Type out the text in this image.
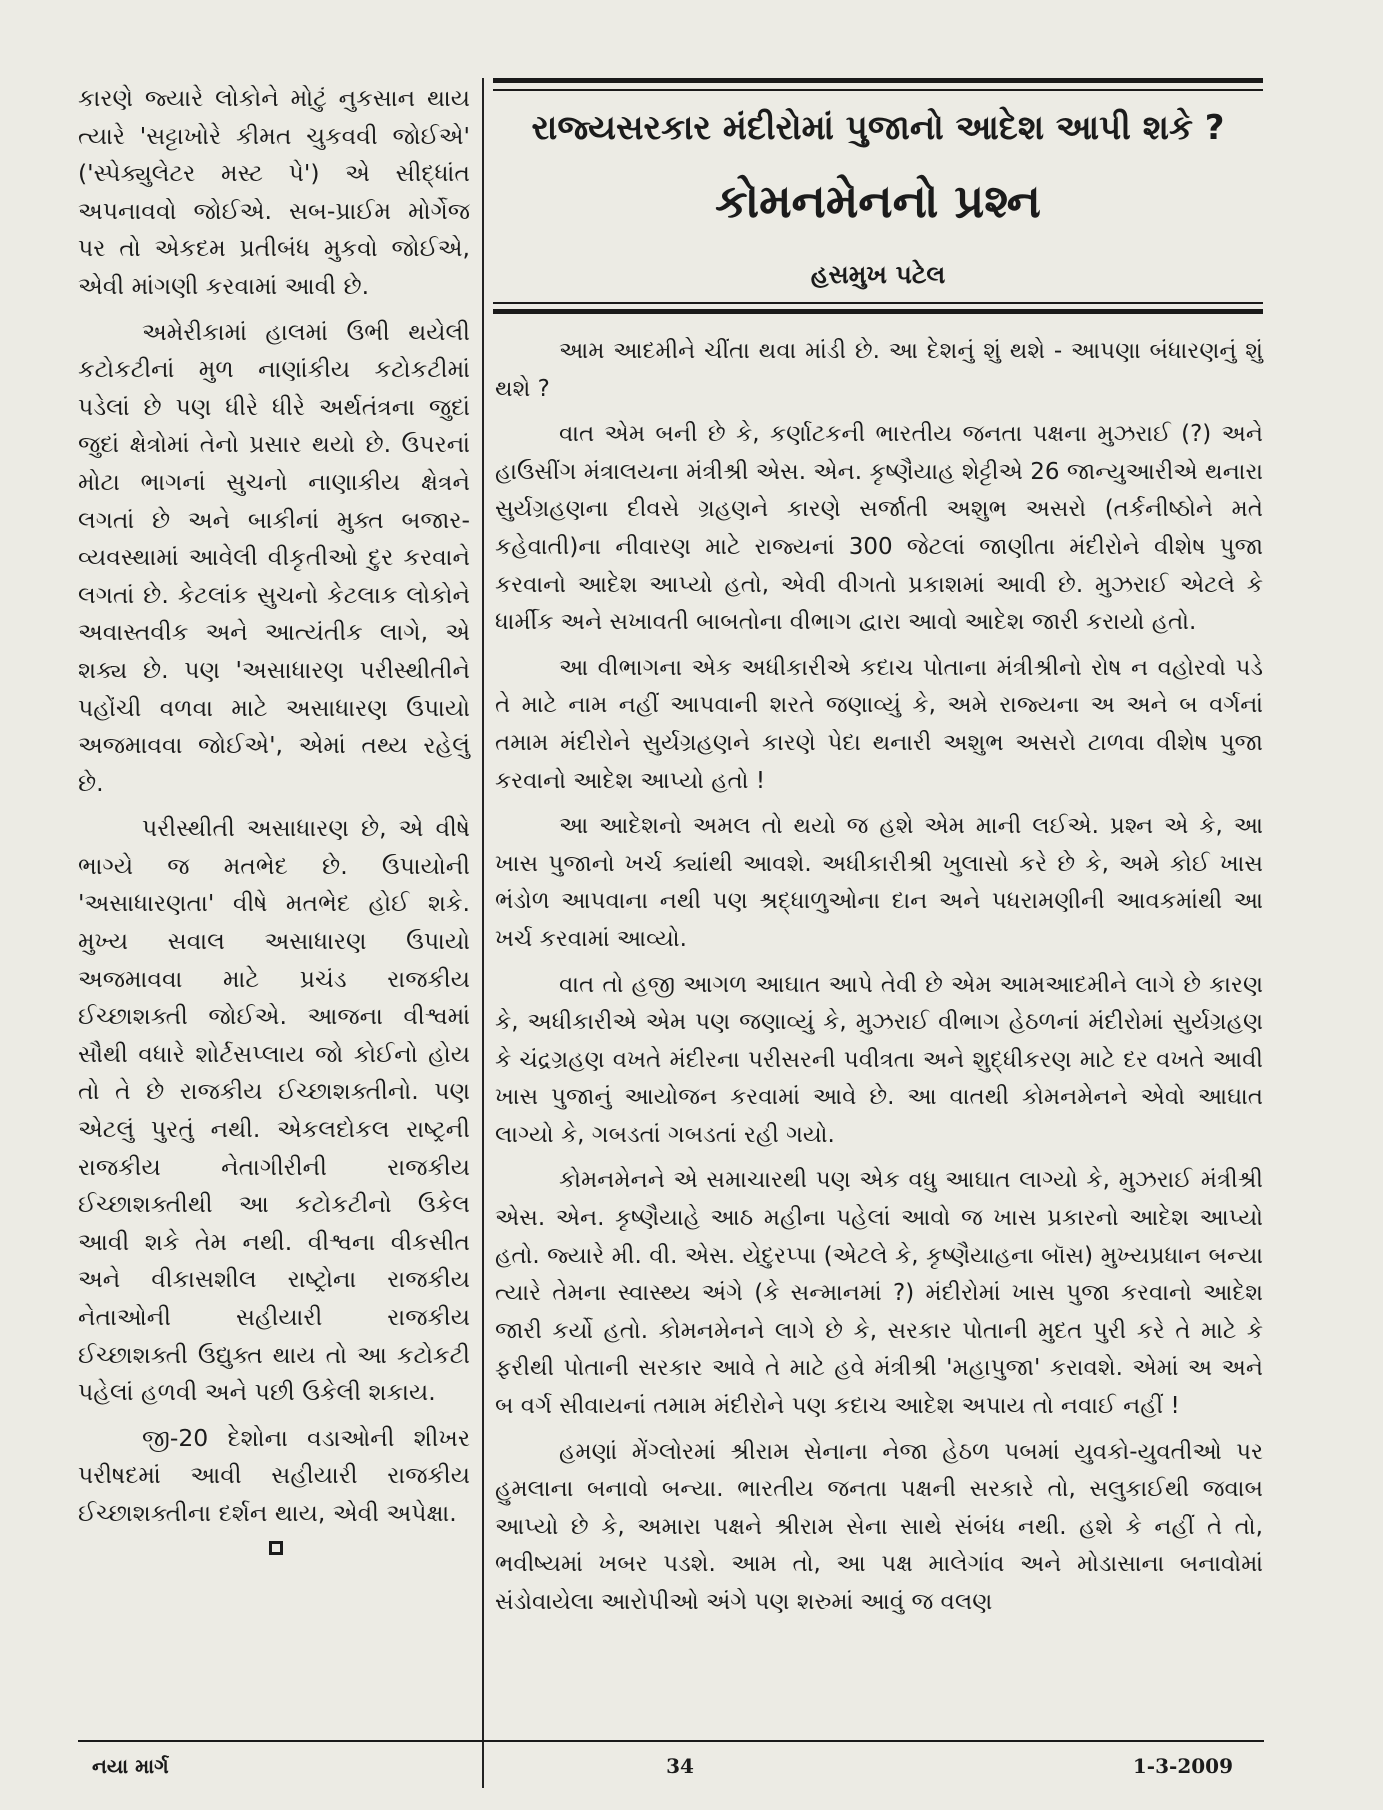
કારણે જ્યારે લોકોને મોટું નુકસાન થાય ત્યારે 'સટ્ટાખોરે કીમત ચુકવવી જોઈએ' ('સ્પેક્યુલેટર મસ્ટ પે') એ સીદ્ધાંત અપનાવવો જોઈએ. સબ-પ્રાઈમ મોર્ગેજ પર તો એકદમ પ્રતીબંધ મુકવો જોઈએ, એવી માંગણી કરવામાં આવી છે.

અમેરીકામાં હાલમાં ઉભી થયેલી કટોકટીનાં મુળ નાણાંકીય કટોકટીમાં પડેલાં છે પણ ધીરે ધીરે અર્થતંત્રના જુદાં જુદાં ક્ષેત્રોમાં તેનો પ્રસાર થયો છે. ઉપરનાં મોટા ભાગનાં સુચનો નાણાકીય ક્ષેત્રને લગતાં છે અને બાકીનાં મુક્ત બજાર-વ્યવસ્થામાં આવેલી વીકૃતીઓ દુર કરવાને લગતાં છે. કેટલાંક સુચનો કેટલાક લોકોને અવાસ્તવીક અને આત્યંતીક લાગે, એ શક્ય છે. પણ 'અસાધારણ પરીસ્થીતીને પહોંચી વળવા માટે અસાધારણ ઉપાયો અજમાવવા જોઈએ', એમાં તથ્ય રહેલું છે.

પરીસ્થીતી અસાધારણ છે, એ વીષે ભાગ્યે જ મતભેદ છે. ઉપાયોની 'અસાધારણતા' વીષે મતભેદ હોઈ શકે. મુખ્ય સવાલ અસાધારણ ઉપાયો અજમાવવા માટે પ્રચંડ રાજકીય ઈચ્છાશક્તી જોઈએ. આજના વીશ્વમાં સૌથી વધારે શોર્ટસપ્લાય જો કોઈનો હોય તો તે છે રાજકીય ઈચ્છાશક્તીનો. પણ એટલું પુરતું નથી. એકલદોકલ રાષ્ટ્રની રાજકીય નેતાગીરીની રાજકીય ઈચ્છાશક્તીથી આ કટોકટીનો ઉકેલ આવી શકે તેમ નથી. વીશ્વના વીકસીત અને વીકાસશીલ રાષ્ટ્રોના રાજકીય નેતાઓની સહીયારી રાજકીય ઈચ્છાશક્તી ઉદ્યુક્ત થાય તો આ કટોકટી પહેલાં હળવી અને પછી ઉકેલી શકાય.

જી-20 દેશોના વડાઓની શીખર પરીષદમાં આવી સહીયારી રાજકીય ઈચ્છાશક્તીના દર્શન થાય, એવી અપેક્ષા.

રાજ્યસરકાર મંદીરોમાં પુજાનો આદેશ આપી શકે ?
કોમનમેનનો પ્રશ્ન
હસમુખ પટેલ

આમ આદમીને ચીંતા થવા માંડી છે. આ દેશનું શું થશે - આપણા બંધારણનું શું થશે ?

વાત એમ બની છે કે, કર્ણાટકની ભારતીય જનતા પક્ષના મુઝરાઈ (?) અને હાઉસીંગ મંત્રાલયના મંત્રીશ્રી એસ. એન. કૃષ્ણૈયાહ શેટ્ટીએ 26 જાન્યુઆરીએ થનારા સુર્યગ્રહણના દીવસે ગ્રહણને કારણે સર્જાતી અશુભ અસરો (તર્કનીષ્ઠોને મતે કહેવાતી)ના નીવારણ માટે રાજ્યનાં 300 જેટલાં જાણીતા મંદીરોને વીશેષ પુજા કરવાનો આદેશ આપ્યો હતો, એવી વીગતો પ્રકાશમાં આવી છે. મુઝરાઈ એટલે કે ધાર્મીક અને સખાવતી બાબતોના વીભાગ દ્વારા આવો આદેશ જારી કરાયો હતો.

આ વીભાગના એક અધીકારીએ કદાચ પોતાના મંત્રીશ્રીનો રોષ ન વહોરવો પડે તે માટે નામ નહીં આપવાની શરતે જણાવ્યું કે, અમે રાજ્યના અ અને બ વર્ગનાં તમામ મંદીરોને સુર્યગ્રહણને કારણે પેદા થનારી અશુભ અસરો ટાળવા વીશેષ પુજા કરવાનો આદેશ આપ્યો હતો !

આ આદેશનો અમલ તો થયો જ હશે એમ માની લઈએ. પ્રશ્ન એ કે, આ ખાસ પુજાનો ખર્ચ ક્યાંથી આવશે. અધીકારીશ્રી ખુલાસો કરે છે કે, અમે કોઈ ખાસ ભંડોળ આપવાના નથી પણ શ્રદ્ધાળુઓના દાન અને પધરામણીની આવકમાંથી આ ખર્ચ કરવામાં આવ્યો.

વાત તો હજી આગળ આઘાત આપે તેવી છે એમ આમઆદમીને લાગે છે કારણ કે, અધીકારીએ એમ પણ જણાવ્યું કે, મુઝરાઈ વીભાગ હેઠળનાં મંદીરોમાં સુર્યગ્રહણ કે ચંદ્રગ્રહણ વખતે મંદીરના પરીસરની પવીત્રતા અને શુદ્ધીકરણ માટે દર વખતે આવી ખાસ પુજાનું આયોજન કરવામાં આવે છે. આ વાતથી કોમનમેનને એવો આઘાત લાગ્યો કે, ગબડતાં ગબડતાં રહી ગયો.

કોમનમેનને એ સમાચારથી પણ એક વધુ આઘાત લાગ્યો કે, મુઝરાઈ મંત્રીશ્રી એસ. એન. કૃષ્ણૈયાહે આઠ મહીના પહેલાં આવો જ ખાસ પ્રકારનો આદેશ આપ્યો હતો. જ્યારે મી. વી. એસ. યેદુરપ્પા (એટલે કે, કૃષ્ણૈયાહના બૉસ) મુખ્યપ્રધાન બન્યા ત્યારે તેમના સ્વાસ્થ્ય અંગે (કે સન્માનમાં ?) મંદીરોમાં ખાસ પુજા કરવાનો આદેશ જારી કર્યો હતો. કોમનમેનને લાગે છે કે, સરકાર પોતાની મુદત પુરી કરે તે માટે કે ફરીથી પોતાની સરકાર આવે તે માટે હવે મંત્રીશ્રી 'મહાપુજા' કરાવશે. એમાં અ અને બ વર્ગ સીવાયનાં તમામ મંદીરોને પણ કદાચ આદેશ અપાય તો નવાઈ નહીં !

હમણાં મેંગ્લોરમાં શ્રીરામ સેનાના નેજા હેઠળ પબમાં યુવકો-યુવતીઓ પર હુમલાના બનાવો બન્યા. ભારતીય જનતા પક્ષની સરકારે તો, સલુકાઈથી જવાબ આપ્યો છે કે, અમારા પક્ષને શ્રીરામ સેના સાથે સંબંધ નથી. હશે કે નહીં તે તો, ભવીષ્યમાં ખબર પડશે. આમ તો, આ પક્ષ માલેગાંવ અને મોડાસાના બનાવોમાં સંડોવાયેલા આરોપીઓ અંગે પણ શરુમાં આવું જ વલણ

નયા માર્ગ	34	1-3-2009
